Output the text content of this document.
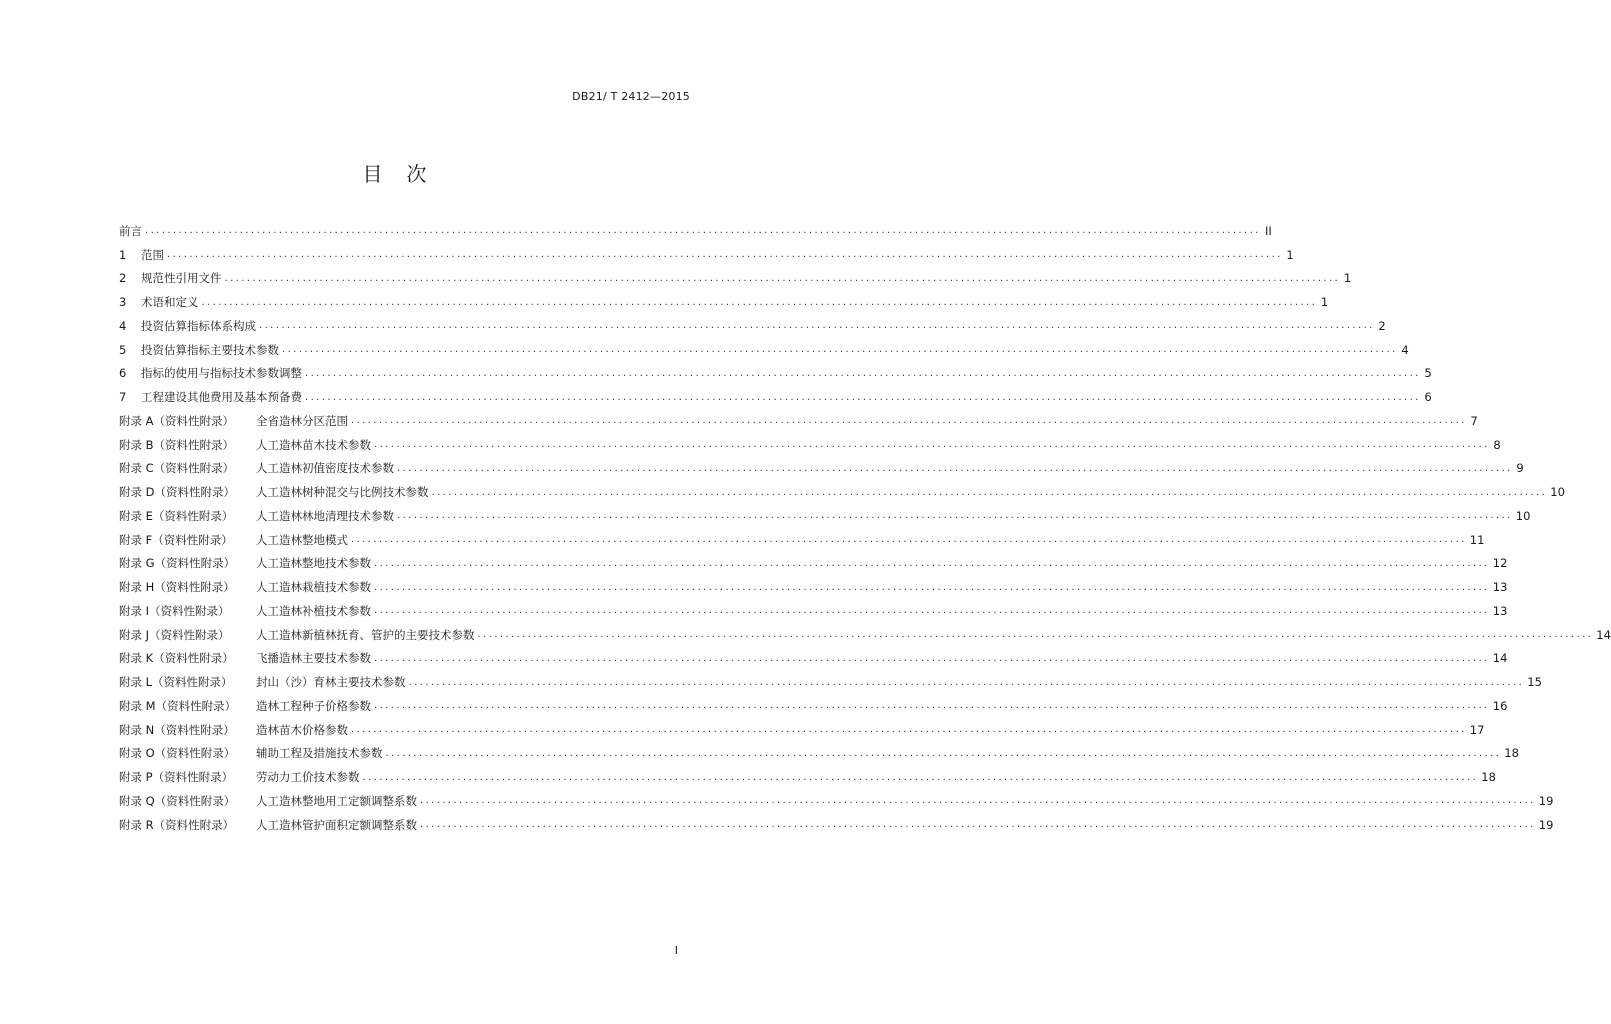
DB21/ T 2412—2015
目　次
前言 ........................................................................................................................................................................................................ II
1	范围 ........................................................................................................................................................................................................ 1
2	规范性引用文件 ........................................................................................................................................................................................................ 1
3	术语和定义 ........................................................................................................................................................................................................ 1
4	投资估算指标体系构成 ........................................................................................................................................................................................................ 2
5	投资估算指标主要技术参数 ........................................................................................................................................................................................................ 4
6	指标的使用与指标技术参数调整 ........................................................................................................................................................................................................ 5
7	工程建设其他费用及基本预备费 ........................................................................................................................................................................................................ 6
附录 A（资料性附录）	全省造林分区范围 ........................................................................................................................................................................................................ 7
附录 B（资料性附录）	人工造林苗木技术参数 ........................................................................................................................................................................................................ 8
附录 C（资料性附录）	人工造林初值密度技术参数 ........................................................................................................................................................................................................ 9
附录 D（资料性附录）	人工造林树种混交与比例技术参数 ........................................................................................................................................................................................................ 10
附录 E（资料性附录）	人工造林林地清理技术参数 ........................................................................................................................................................................................................ 10
附录 F（资料性附录）	人工造林整地模式 ........................................................................................................................................................................................................ 11
附录 G（资料性附录）	人工造林整地技术参数 ........................................................................................................................................................................................................ 12
附录 H（资料性附录）	人工造林栽植技术参数 ........................................................................................................................................................................................................ 13
附录 I（资料性附录）	人工造林补植技术参数 ........................................................................................................................................................................................................ 13
附录 J（资料性附录）	人工造林新植林抚育、管护的主要技术参数 ........................................................................................................................................................................................................ 14
附录 K（资料性附录）	飞播造林主要技术参数 ........................................................................................................................................................................................................ 14
附录 L（资料性附录）	封山（沙）育林主要技术参数 ........................................................................................................................................................................................................ 15
附录 M（资料性附录）	造林工程种子价格参数 ........................................................................................................................................................................................................ 16
附录 N（资料性附录）	造林苗木价格参数 ........................................................................................................................................................................................................ 17
附录 O（资料性附录）	辅助工程及措施技术参数 ........................................................................................................................................................................................................ 18
附录 P（资料性附录）	劳动力工价技术参数 ........................................................................................................................................................................................................ 18
附录 Q（资料性附录）	人工造林整地用工定额调整系数 ........................................................................................................................................................................................................ 19
附录 R（资料性附录）	人工造林管护面积定额调整系数 ........................................................................................................................................................................................................ 19
I
